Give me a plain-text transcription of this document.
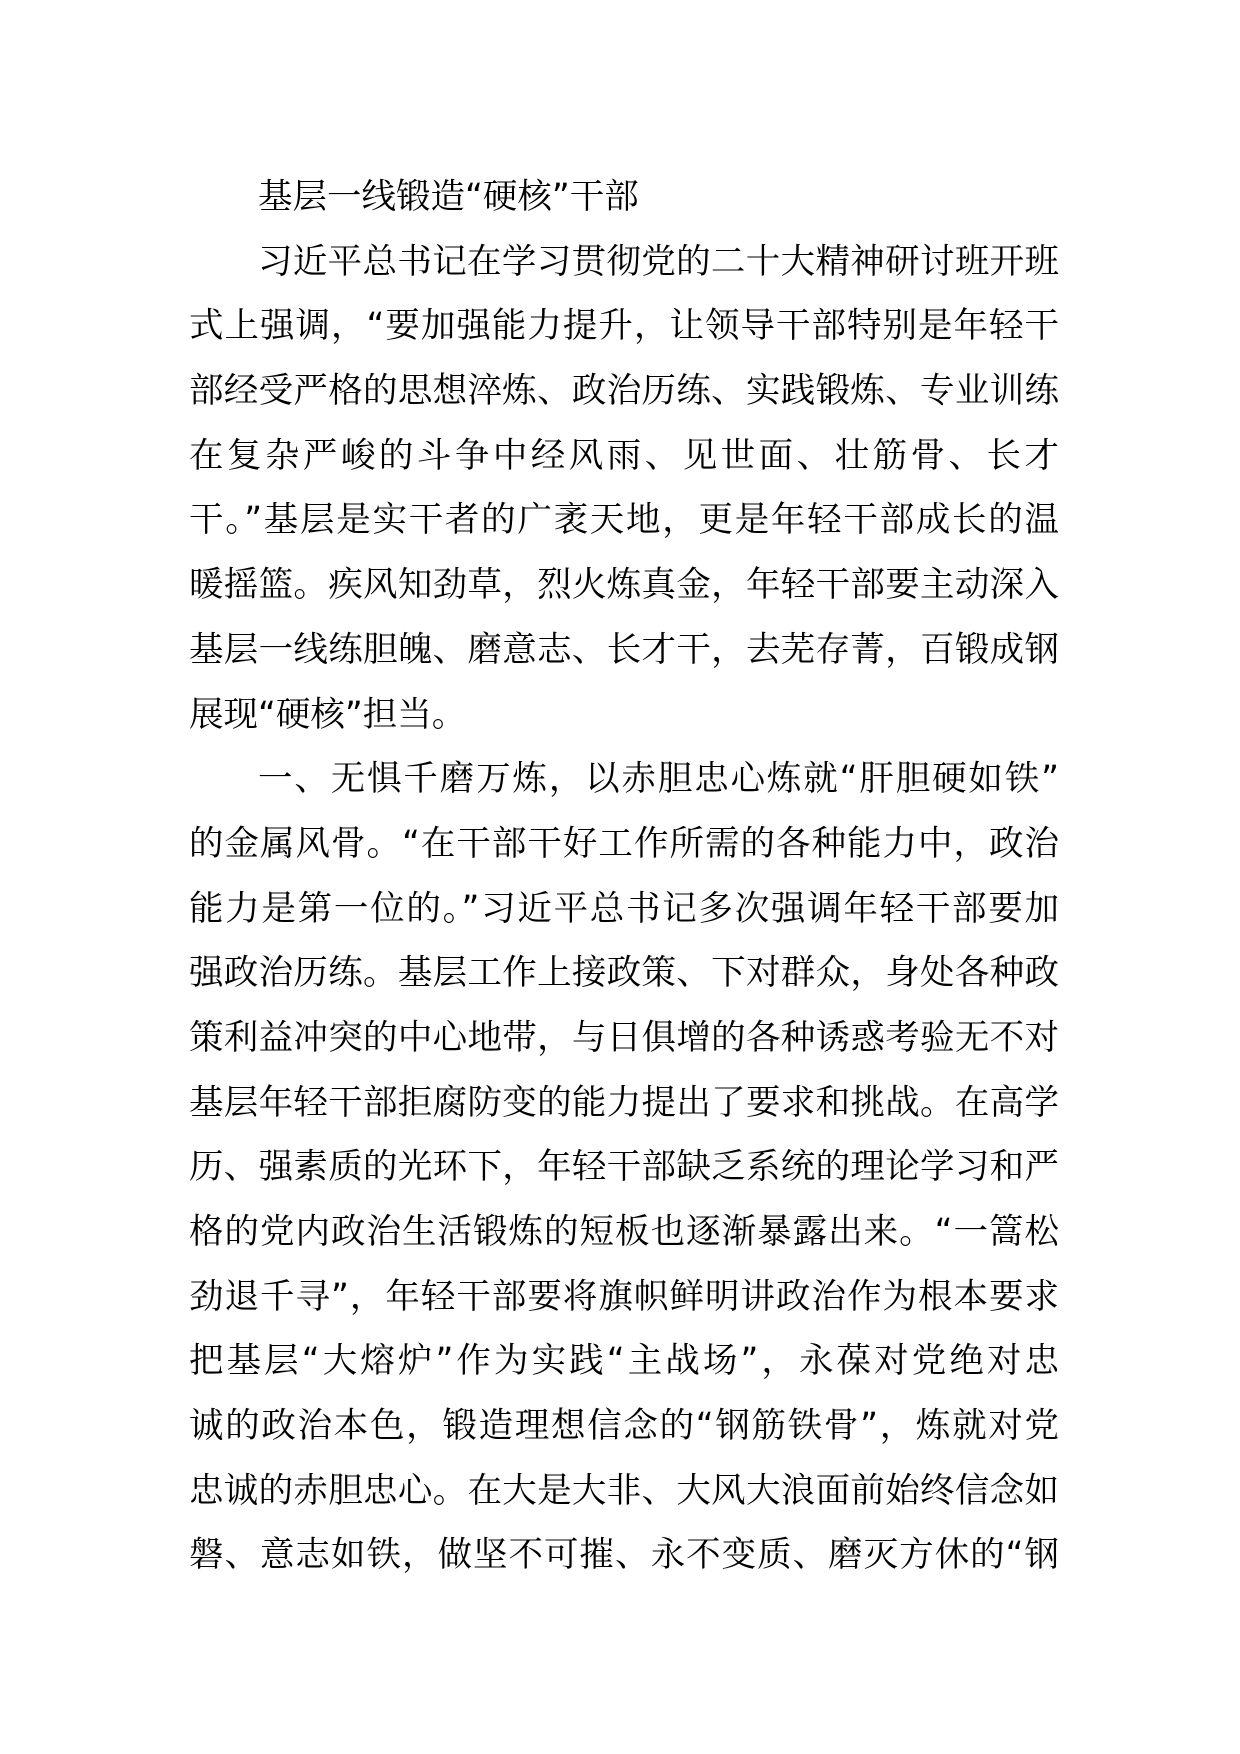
基层一线锻造“硬核”干部
习近平总书记在学习贯彻党的二十大精神研讨班开班
式上强调，“要加强能力提升，让领导干部特别是年轻干
部经受严格的思想淬炼、政治历练、实践锻炼、专业训练
在复杂严峻的斗争中经风雨、见世面、壮筋骨、长才
干。”基层是实干者的广袤天地，更是年轻干部成长的温
暖摇篮。疾风知劲草，烈火炼真金，年轻干部要主动深入
基层一线练胆魄、磨意志、长才干，去芜存菁，百锻成钢
展现“硬核”担当。
一、无惧千磨万炼，以赤胆忠心炼就“肝胆硬如铁”
的金属风骨。“在干部干好工作所需的各种能力中，政治
能力是第一位的。”习近平总书记多次强调年轻干部要加
强政治历练。基层工作上接政策、下对群众，身处各种政
策利益冲突的中心地带，与日俱增的各种诱惑考验无不对
基层年轻干部拒腐防变的能力提出了要求和挑战。在高学
历、强素质的光环下，年轻干部缺乏系统的理论学习和严
格的党内政治生活锻炼的短板也逐渐暴露出来。“一篙松
劲退千寻”，年轻干部要将旗帜鲜明讲政治作为根本要求
把基层“大熔炉”作为实践“主战场”，永葆对党绝对忠
诚的政治本色，锻造理想信念的“钢筋铁骨”，炼就对党
忠诚的赤胆忠心。在大是大非、大风大浪面前始终信念如
磐、意志如铁，做坚不可摧、永不变质、磨灭方休的“钢
